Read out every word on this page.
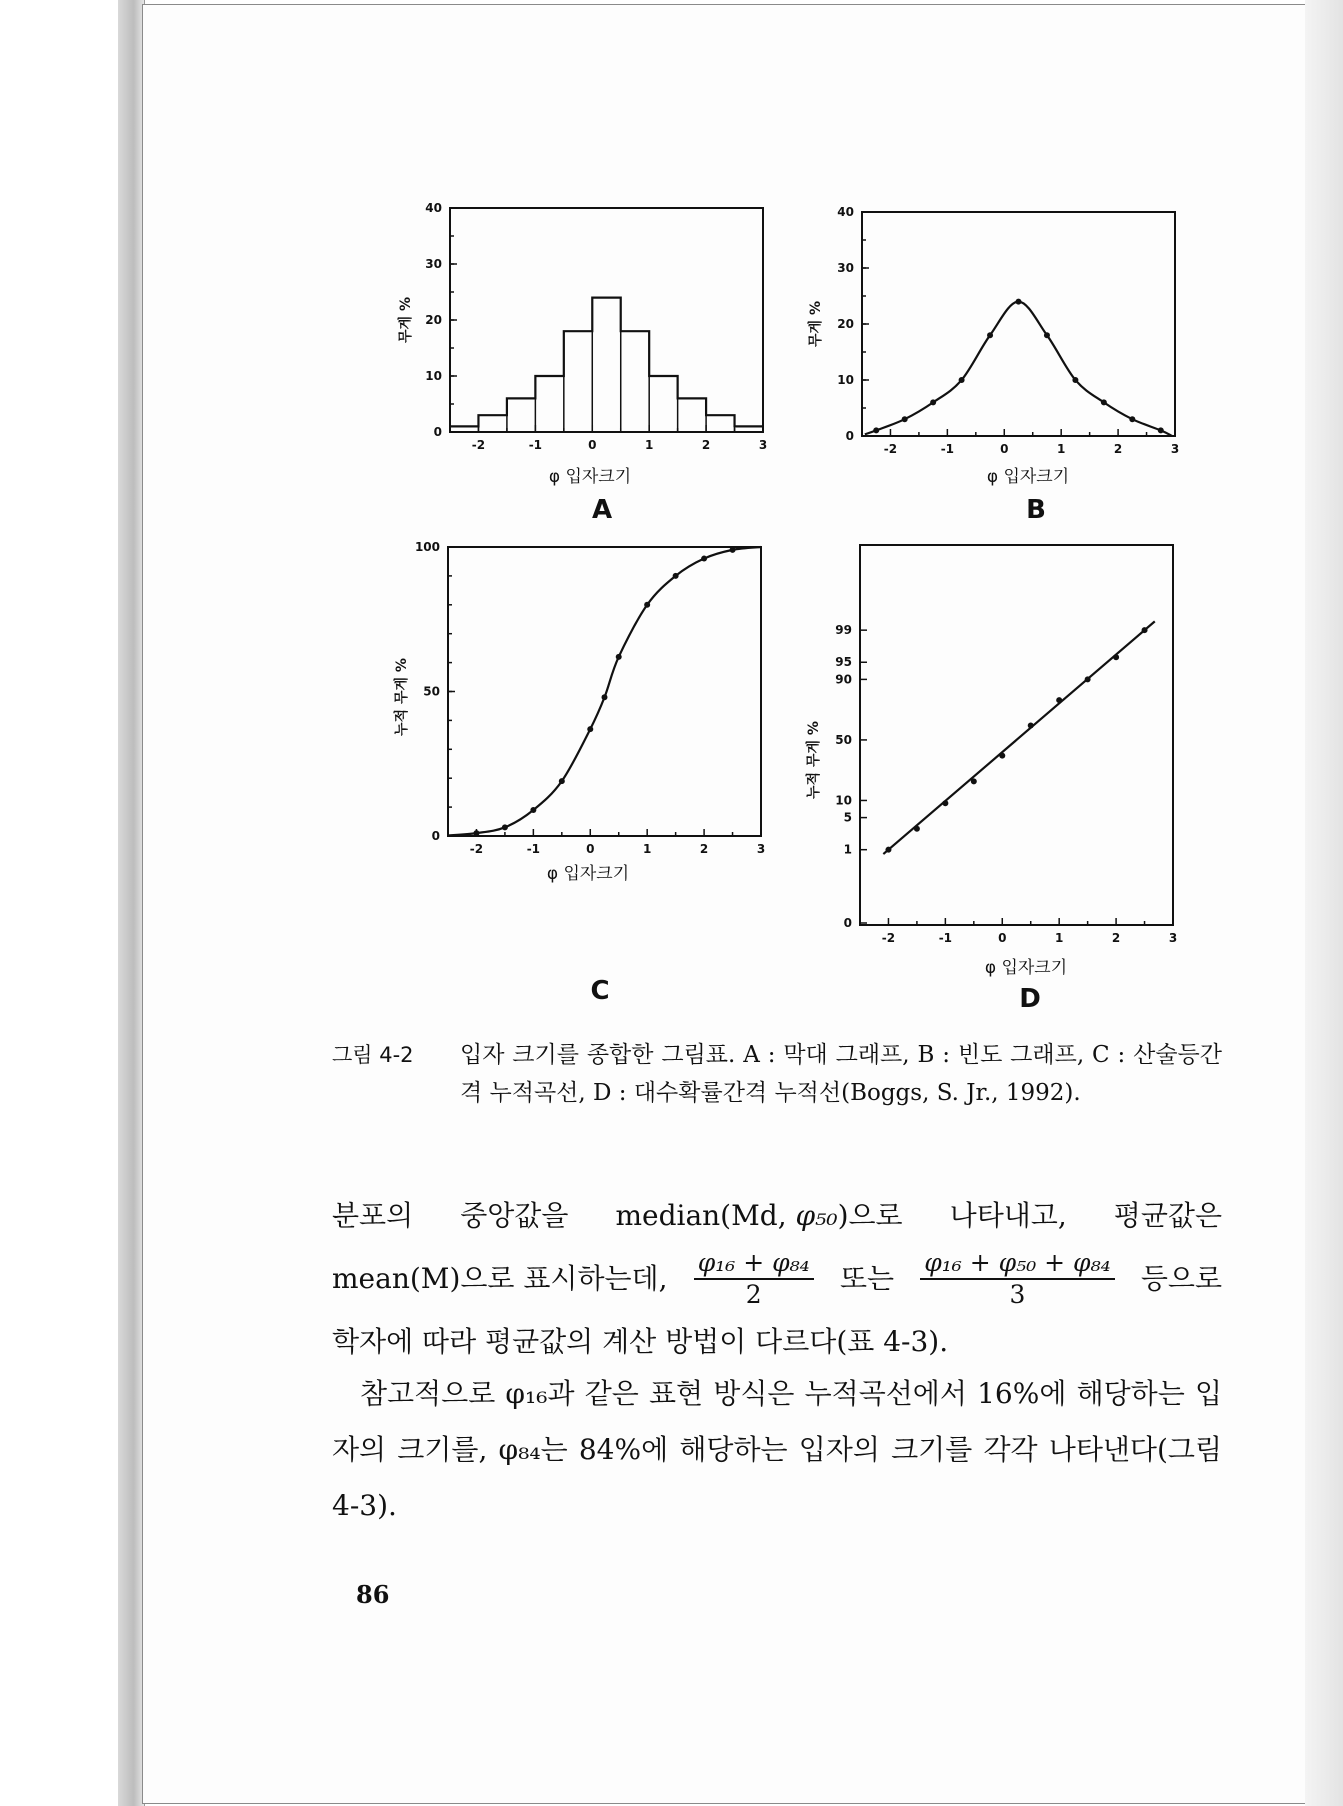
-2	-1	0	1	2	3
0
10
20
30
40
φ 입자크기
무게 %
A
-2	-1	0	1	2	3
0
10
20
30
40
φ 입자크기
무게 %
B
-2	-1	0	1	2	3
0
50
100
φ 입자크기
누적 무게 %
C
-2	-1	0	1	2	3
0
1
5
10
50
90
95
99
φ 입자크기
누적 무게 %
D
그림 4-2 입자 크기를 종합한 그림표. A : 막대 그래프, B : 빈도 그래프, C : 산술등간격 누적곡선, D : 대수확률간격 누적선(Boggs, S. Jr., 1992).
분포의 중앙값을 median(Md, φ₅₀)으로 나타내고, 평균값은
mean(M)으로 표시하는데, $\frac{\text{φ₁₆ + φ₈₄}}{2}$ 또는 $\frac{\text{φ₁₆ + φ₅₀ + φ₈₄}}{3}$ 등으로
학자에 따라 평균값의 계산 방법이 다르다(표 4-3).
참고적으로 φ₁₆과 같은 표현 방식은 누적곡선에서 16%에 해당하는 입자의 크기를, φ₈₄는 84%에 해당하는 입자의 크기를 각각 나타낸다(그림 4-3).
86
